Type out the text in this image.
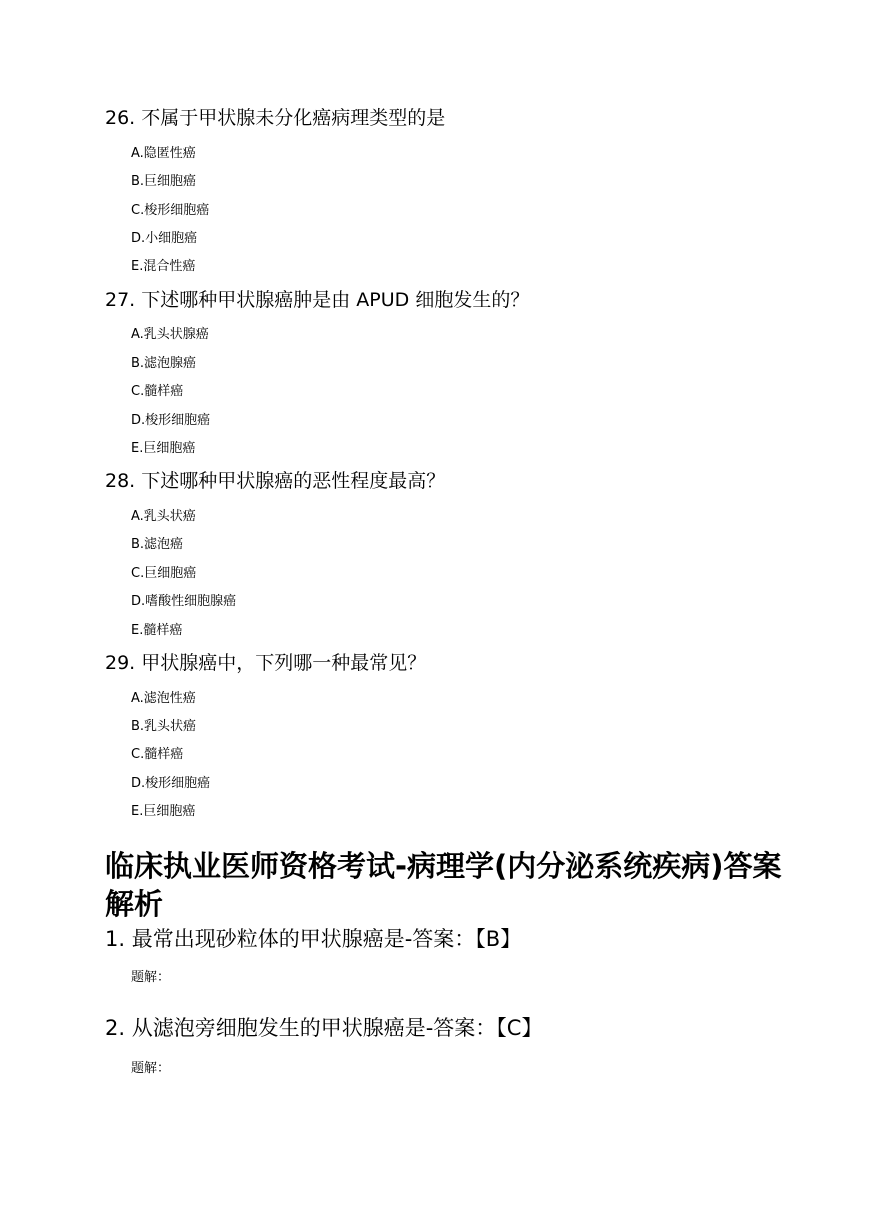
26. 不属于甲状腺未分化癌病理类型的是
A.隐匿性癌
B.巨细胞癌
C.梭形细胞癌
D.小细胞癌
E.混合性癌
27. 下述哪种甲状腺癌肿是由 APUD 细胞发生的？
A.乳头状腺癌
B.滤泡腺癌
C.髓样癌
D.梭形细胞癌
E.巨细胞癌
28. 下述哪种甲状腺癌的恶性程度最高？
A.乳头状癌
B.滤泡癌
C.巨细胞癌
D.嗜酸性细胞腺癌
E.髓样癌
29. 甲状腺癌中，下列哪一种最常见？
A.滤泡性癌
B.乳头状癌
C.髓样癌
D.梭形细胞癌
E.巨细胞癌
临床执业医师资格考试-病理学(内分泌系统疾病)答案解析
1. 最常出现砂粒体的甲状腺癌是-答案：【B】
题解：
2. 从滤泡旁细胞发生的甲状腺癌是-答案：【C】
题解：
